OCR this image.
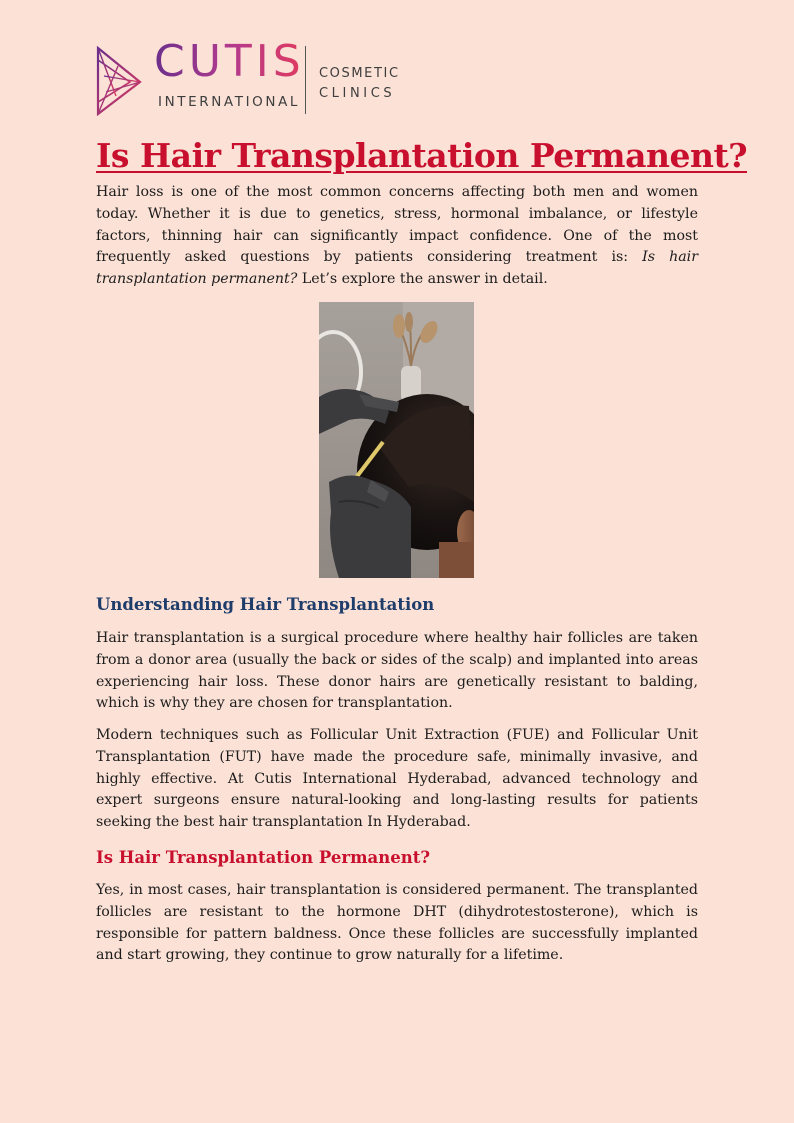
CUTIS
INTERNATIONAL
COSMETIC
CLINICS
Is Hair Transplantation Permanent?

Hair loss is one of the most common concerns affecting both men and women today. Whether it is due to genetics, stress, hormonal imbalance, or lifestyle factors, thinning hair can significantly impact confidence. One of the most frequently asked questions by patients considering treatment is: Is hair transplantation permanent? Let’s explore the answer in detail.

Understanding Hair Transplantation

Hair transplantation is a surgical procedure where healthy hair follicles are taken from a donor area (usually the back or sides of the scalp) and implanted into areas experiencing hair loss. These donor hairs are genetically resistant to balding, which is why they are chosen for transplantation.

Modern techniques such as Follicular Unit Extraction (FUE) and Follicular Unit Transplantation (FUT) have made the procedure safe, minimally invasive, and highly effective. At Cutis International Hyderabad, advanced technology and expert surgeons ensure natural-looking and long-lasting results for patients seeking the best hair transplantation In Hyderabad.

Is Hair Transplantation Permanent?

Yes, in most cases, hair transplantation is considered permanent. The transplanted follicles are resistant to the hormone DHT (dihydrotestosterone), which is responsible for pattern baldness. Once these follicles are successfully implanted and start growing, they continue to grow naturally for a lifetime.
